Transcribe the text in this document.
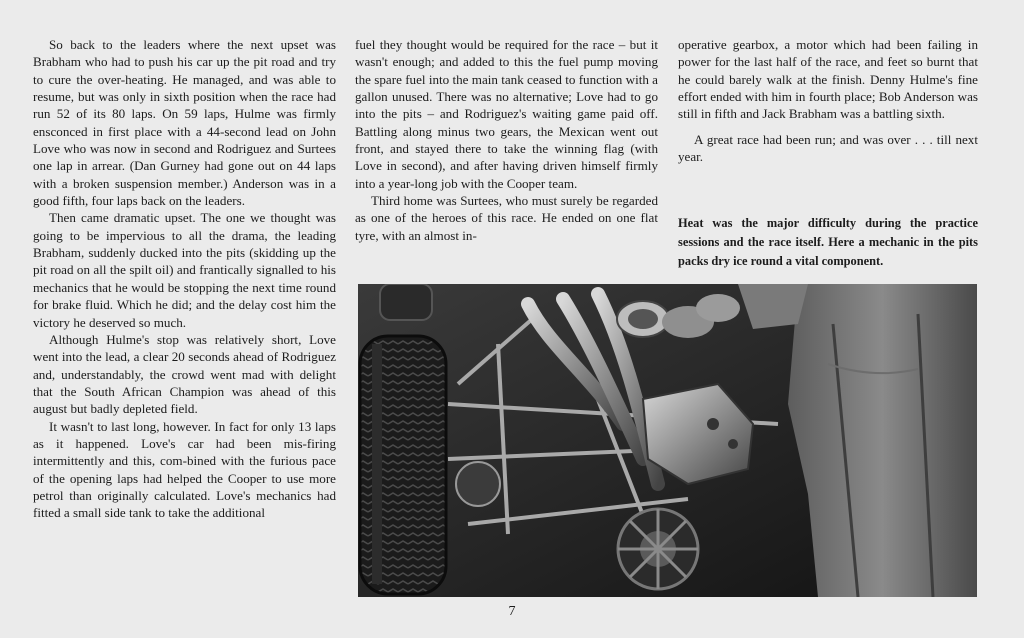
So back to the leaders where the next upset was Brabham who had to push his car up the pit road and try to cure the over-heating. He managed, and was able to resume, but was only in sixth position when the race had run 52 of its 80 laps. On 59 laps, Hulme was firmly ensconced in first place with a 44-second lead on John Love who was now in second and Rodriguez and Surtees one lap in arrear. (Dan Gurney had gone out on 44 laps with a broken suspension member.) Anderson was in a good fifth, four laps back on the leaders.

Then came dramatic upset. The one we thought was going to be impervious to all the drama, the leading Brabham, suddenly ducked into the pits (skidding up the pit road on all the spilt oil) and frantically signalled to his mechanics that he would be stopping the next time round for brake fluid. Which he did; and the delay cost him the victory he deserved so much.

Although Hulme's stop was relatively short, Love went into the lead, a clear 20 seconds ahead of Rodriguez and, understandably, the crowd went mad with delight that the South African Champion was ahead of this august but badly depleted field.

It wasn't to last long, however. In fact for only 13 laps as it happened. Love's car had been mis-firing intermittently and this, com-bined with the furious pace of the opening laps had helped the Cooper to use more petrol than originally calculated. Love's mechanics had fitted a small side tank to take the additional

fuel they thought would be required for the race – but it wasn't enough; and added to this the fuel pump moving the spare fuel into the main tank ceased to function with a gallon unused. There was no alternative; Love had to go into the pits – and Rodriguez's waiting game paid off. Battling along minus two gears, the Mexican went out front, and stayed there to take the winning flag (with Love in second), and after having driven himself firmly into a year-long job with the Cooper team.

Third home was Surtees, who must surely be regarded as one of the heroes of this race. He ended on one flat tyre, with an almost in-

operative gearbox, a motor which had been failing in power for the last half of the race, and feet so burnt that he could barely walk at the finish. Denny Hulme's fine effort ended with him in fourth place; Bob Anderson was still in fifth and Jack Brabham was a battling sixth.

A great race had been run; and was over . . . till next year.

Heat was the major difficulty during the practice sessions and the race itself. Here a mechanic in the pits packs dry ice round a vital component.
7
